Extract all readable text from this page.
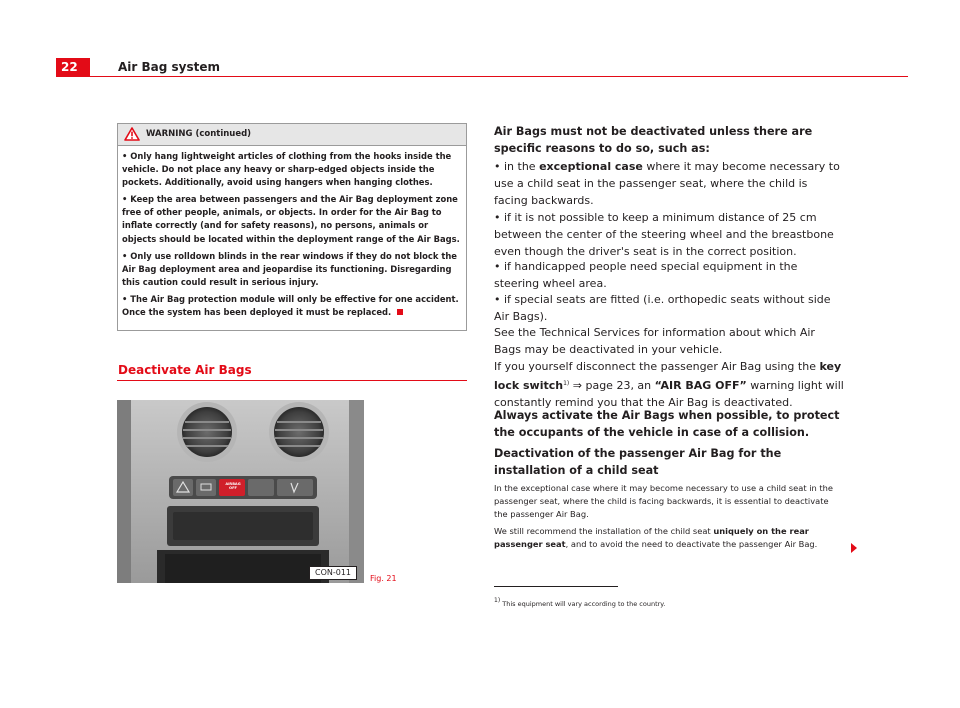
22	Air Bag system
WARNING (continued)

• Only hang lightweight articles of clothing from the hooks inside the vehicle. Do not place any heavy or sharp-edged objects inside the pockets. Additionally, avoid using hangers when hanging clothes.

• Keep the area between passengers and the Air Bag deployment zone free of other people, animals, or objects. In order for the Air Bag to inflate correctly (and for safety reasons), no persons, animals or objects should be located within the deployment range of the Air Bags.

• Only use rolldown blinds in the rear windows if they do not block the Air Bag deployment area and jeopardise its functioning. Disregarding this caution could result in serious injury.

• The Air Bag protection module will only be effective for one accident. Once the system has been deployed it must be replaced.

Deactivate Air Bags
AIRBAG
OFF
CON-011
Fig. 21
Air Bags must not be deactivated unless there are specific reasons to do so, such as:
• in the exceptional case where it may become necessary to use a child seat in the passenger seat, where the child is facing backwards.
• if it is not possible to keep a minimum distance of 25 cm between the center of the steering wheel and the breastbone even though the driver's seat is in the correct position.
• if handicapped people need special equipment in the steering wheel area.
• if special seats are fitted (i.e. orthopedic seats without side Air Bags).
See the Technical Services for information about which Air Bags may be deactivated in your vehicle.
If you yourself disconnect the passenger Air Bag using the key lock switch$^{1)}$ ⇒ page 23, an “AIR BAG OFF” warning light will constantly remind you that the Air Bag is deactivated.
Always activate the Air Bags when possible, to protect the occupants of the vehicle in case of a collision.
Deactivation of the passenger Air Bag for the installation of a child seat
In the exceptional case where it may become necessary to use a child seat in the passenger seat, where the child is facing backwards, it is essential to deactivate the passenger Air Bag.
We still recommend the installation of the child seat uniquely on the rear passenger seat, and to avoid the need to deactivate the passenger Air Bag.
1) This equipment will vary according to the country.
